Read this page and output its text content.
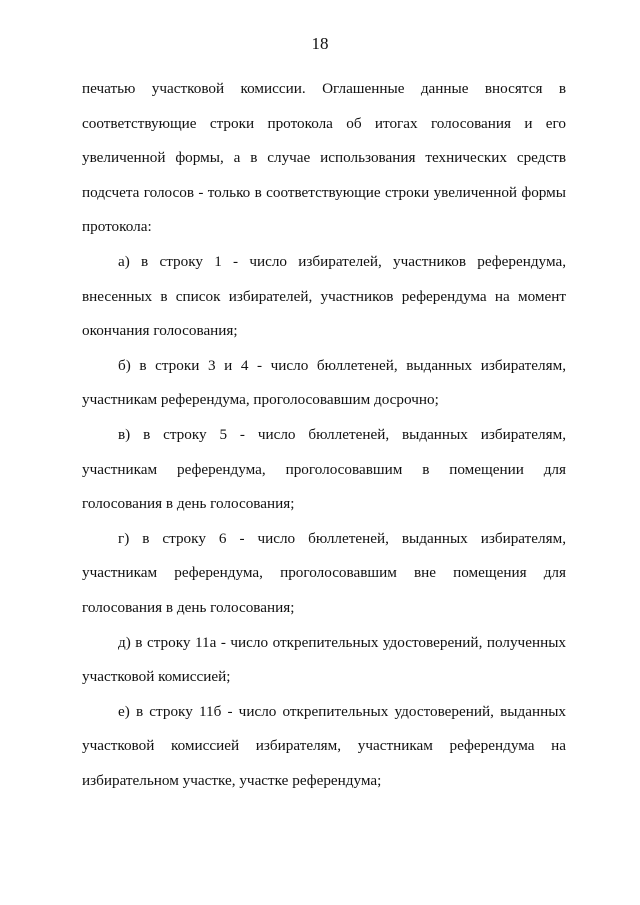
18

печатью участковой комиссии. Оглашенные данные вносятся в соответствующие строки протокола об итогах голосования и его увеличенной формы, а в случае использования технических средств подсчета голосов - только в соответствующие строки увеличенной формы протокола:

а) в строку 1 - число избирателей, участников референдума, внесенных в список избирателей, участников референдума на момент окончания голосования;

б) в строки 3 и 4 - число бюллетеней, выданных избирателям, участникам референдума, проголосовавшим досрочно;

в) в строку 5 - число бюллетеней, выданных избирателям, участникам референдума, проголосовавшим в помещении для голосования в день голосования;

г) в строку 6 - число бюллетеней, выданных избирателям, участникам референдума, проголосовавшим вне помещения для голосования в день голосования;

д) в строку 11а - число открепительных удостоверений, полученных участковой комиссией;

е) в строку 11б - число открепительных удостоверений, выданных участковой комиссией избирателям, участникам референдума на избирательном участке, участке референдума;
